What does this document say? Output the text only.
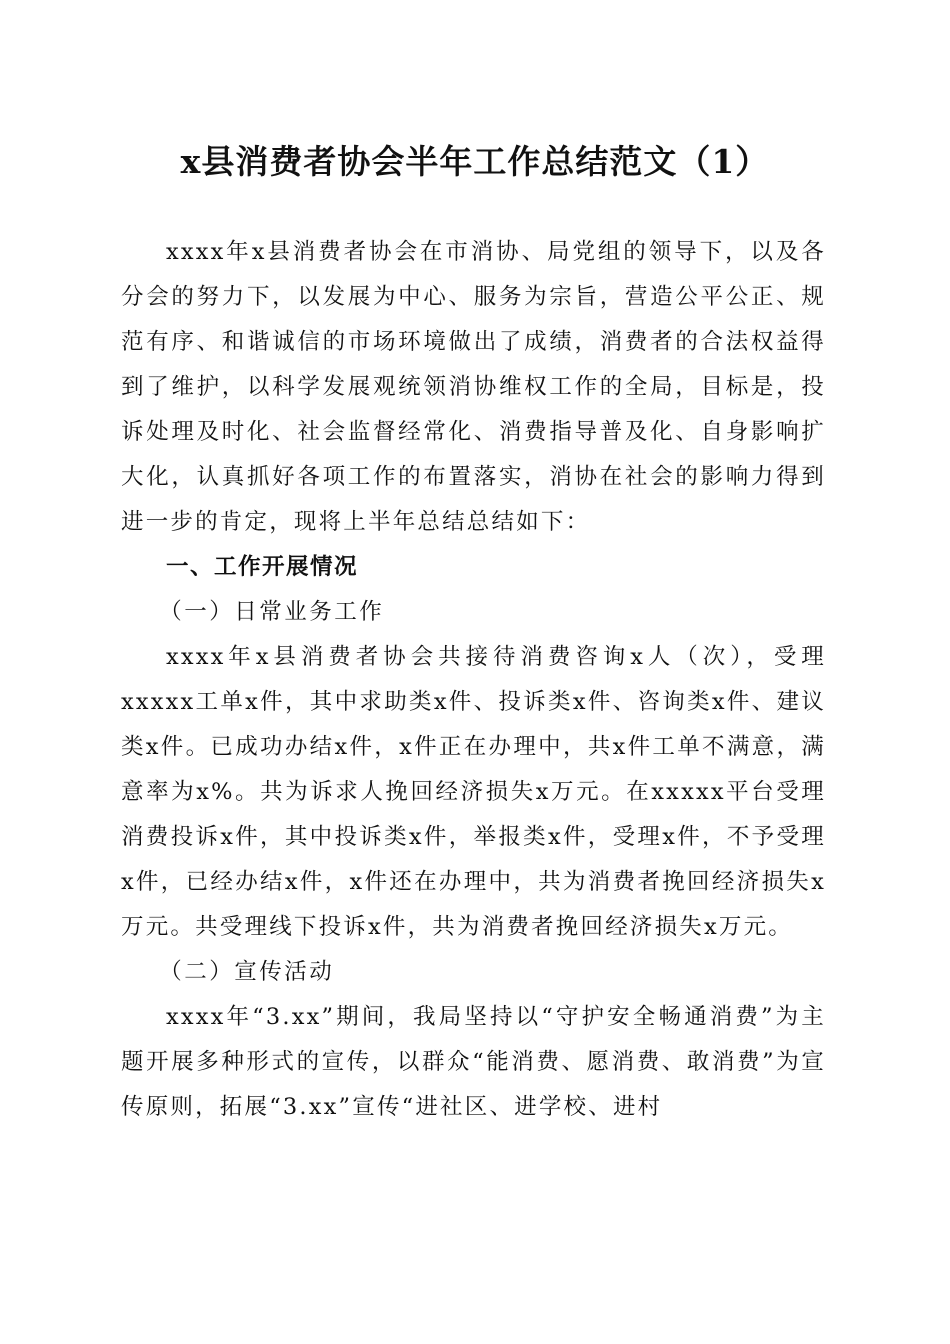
x县消费者协会半年工作总结范文（1）

xxxx年x县消费者协会在市消协、局党组的领导下，以及各分会的努力下，以发展为中心、服务为宗旨，营造公平公正、规范有序、和谐诚信的市场环境做出了成绩，消费者的合法权益得到了维护，以科学发展观统领消协维权工作的全局，目标是，投诉处理及时化、社会监督经常化、消费指导普及化、自身影响扩大化，认真抓好各项工作的布置落实，消协在社会的影响力得到进一步的肯定，现将上半年总结总结如下：

一、工作开展情况

（一）日常业务工作

xxxx年x县消费者协会共接待消费咨询x人（次），受理xxxxx工单x件，其中求助类x件、投诉类x件、咨询类x件、建议类x件。已成功办结x件，x件正在办理中，共x件工单不满意，满意率为x%。共为诉求人挽回经济损失x万元。在xxxxx平台受理消费投诉x件，其中投诉类x件，举报类x件，受理x件，不予受理x件，已经办结x件，x件还在办理中，共为消费者挽回经济损失x万元。共受理线下投诉x件，共为消费者挽回经济损失x万元。

（二）宣传活动

xxxx年“3.xx”期间，我局坚持以“守护安全畅通消费”为主题开展多种形式的宣传，以群众“能消费、愿消费、敢消费”为宣传原则，拓展“3.xx”宣传“进社区、进学校、进村
